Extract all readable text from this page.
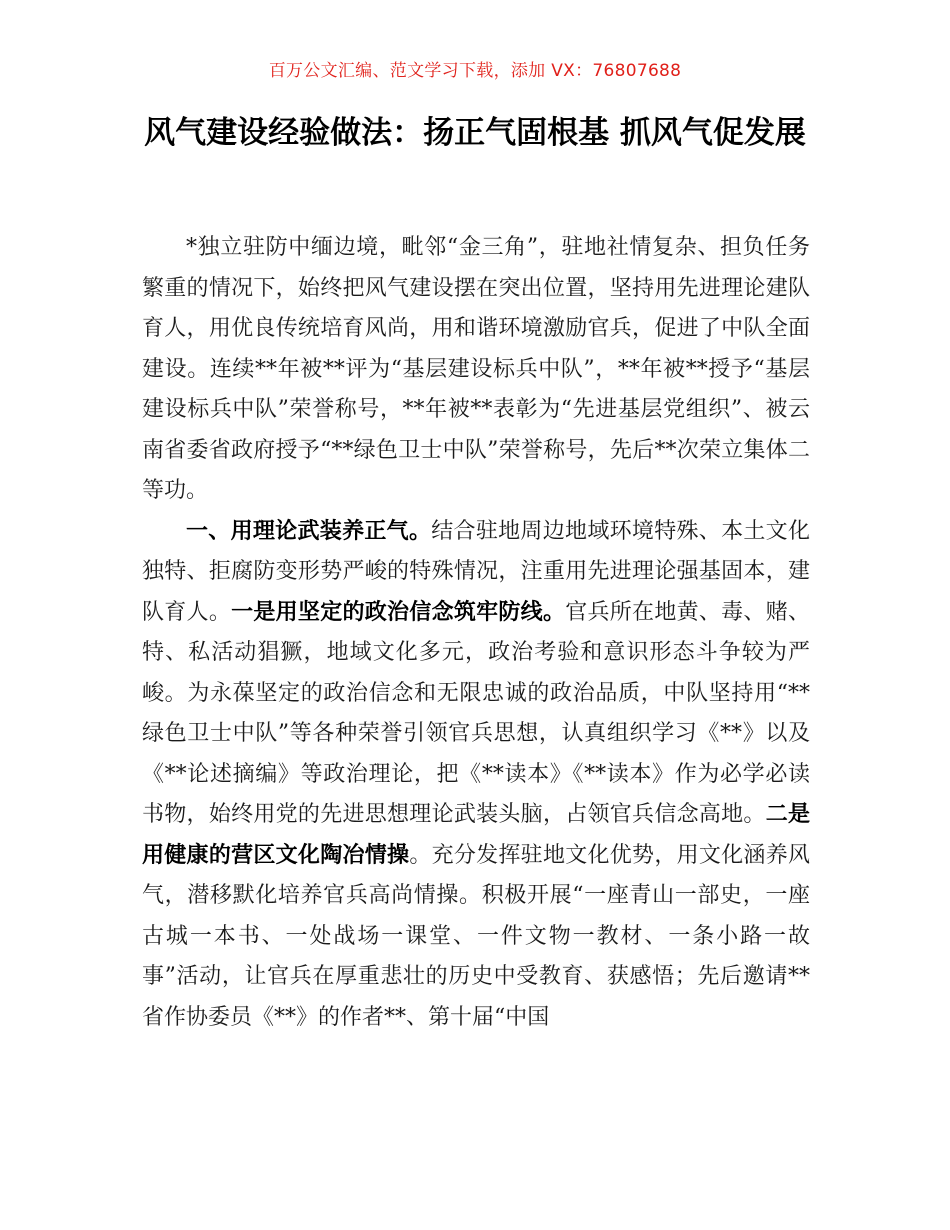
百万公文汇编、范文学习下载，添加 VX：76807688
风气建设经验做法：扬正气固根基 抓风气促发展

*独立驻防中缅边境，毗邻“金三角”，驻地社情复杂、担负任务繁重的情况下，始终把风气建设摆在突出位置，坚持用先进理论建队育人，用优良传统培育风尚，用和谐环境激励官兵，促进了中队全面建设。连续**年被**评为“基层建设标兵中队”，**年被**授予“基层建设标兵中队”荣誉称号，**年被**表彰为“先进基层党组织”、被云南省委省政府授予“**绿色卫士中队”荣誉称号，先后**次荣立集体二等功。

一、用理论武装养正气。结合驻地周边地域环境特殊、本土文化独特、拒腐防变形势严峻的特殊情况，注重用先进理论强基固本，建队育人。一是用坚定的政治信念筑牢防线。官兵所在地黄、毒、赌、特、私活动猖獗，地域文化多元，政治考验和意识形态斗争较为严峻。为永葆坚定的政治信念和无限忠诚的政治品质，中队坚持用“**绿色卫士中队”等各种荣誉引领官兵思想，认真组织学习《**》以及《**论述摘编》等政治理论，把《**读本》《**读本》作为必学必读书物，始终用党的先进思想理论武装头脑，占领官兵信念高地。二是用健康的营区文化陶冶情操。充分发挥驻地文化优势，用文化涵养风气，潜移默化培养官兵高尚情操。积极开展“一座青山一部史，一座古城一本书、一处战场一课堂、一件文物一教材、一条小路一故事”活动，让官兵在厚重悲壮的历史中受教育、获感悟；先后邀请**省作协委员《**》的作者**、第十届“中国
